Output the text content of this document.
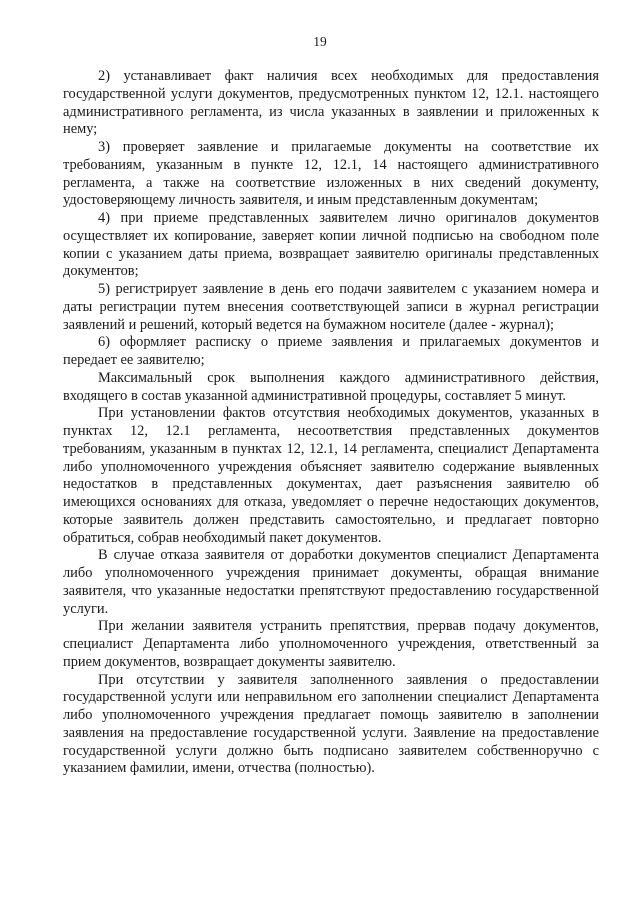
19

2) устанавливает факт наличия всех необходимых для предоставления государственной услуги документов, предусмотренных пунктом 12, 12.1. настоящего административного регламента, из числа указанных в заявлении и приложенных к нему;

3) проверяет заявление и прилагаемые документы на соответствие их требованиям, указанным в пункте 12, 12.1, 14 настоящего административного регламента, а также на соответствие изложенных в них сведений документу, удостоверяющему личность заявителя, и иным представленным документам;

4) при приеме представленных заявителем лично оригиналов документов осуществляет их копирование, заверяет копии личной подписью на свободном поле копии с указанием даты приема, возвращает заявителю оригиналы представленных документов;

5) регистрирует заявление в день его подачи заявителем с указанием номера и даты регистрации путем внесения соответствующей записи в журнал регистрации заявлений и решений, который ведется на бумажном носителе (далее - журнал);

6) оформляет расписку о приеме заявления и прилагаемых документов и передает ее заявителю;

Максимальный срок выполнения каждого административного действия, входящего в состав указанной административной процедуры, составляет 5 минут.

При установлении фактов отсутствия необходимых документов, указанных в пунктах 12, 12.1 регламента, несоответствия представленных документов требованиям, указанным в пунктах 12, 12.1, 14 регламента, специалист Департамента либо уполномоченного учреждения объясняет заявителю содержание выявленных недостатков в представленных документах, дает разъяснения заявителю об имеющихся основаниях для отказа, уведомляет о перечне недостающих документов, которые заявитель должен представить самостоятельно, и предлагает повторно обратиться, собрав необходимый пакет документов.

В случае отказа заявителя от доработки документов специалист Департамента либо уполномоченного учреждения принимает документы, обращая внимание заявителя, что указанные недостатки препятствуют предоставлению государственной услуги.

При желании заявителя устранить препятствия, прервав подачу документов, специалист Департамента либо уполномоченного учреждения, ответственный за прием документов, возвращает документы заявителю.

При отсутствии у заявителя заполненного заявления о предоставлении государственной услуги или неправильном его заполнении специалист Департамента либо уполномоченного учреждения предлагает помощь заявителю в заполнении заявления на предоставление государственной услуги. Заявление на предоставление государственной услуги должно быть подписано заявителем собственноручно с указанием фамилии, имени, отчества (полностью).
